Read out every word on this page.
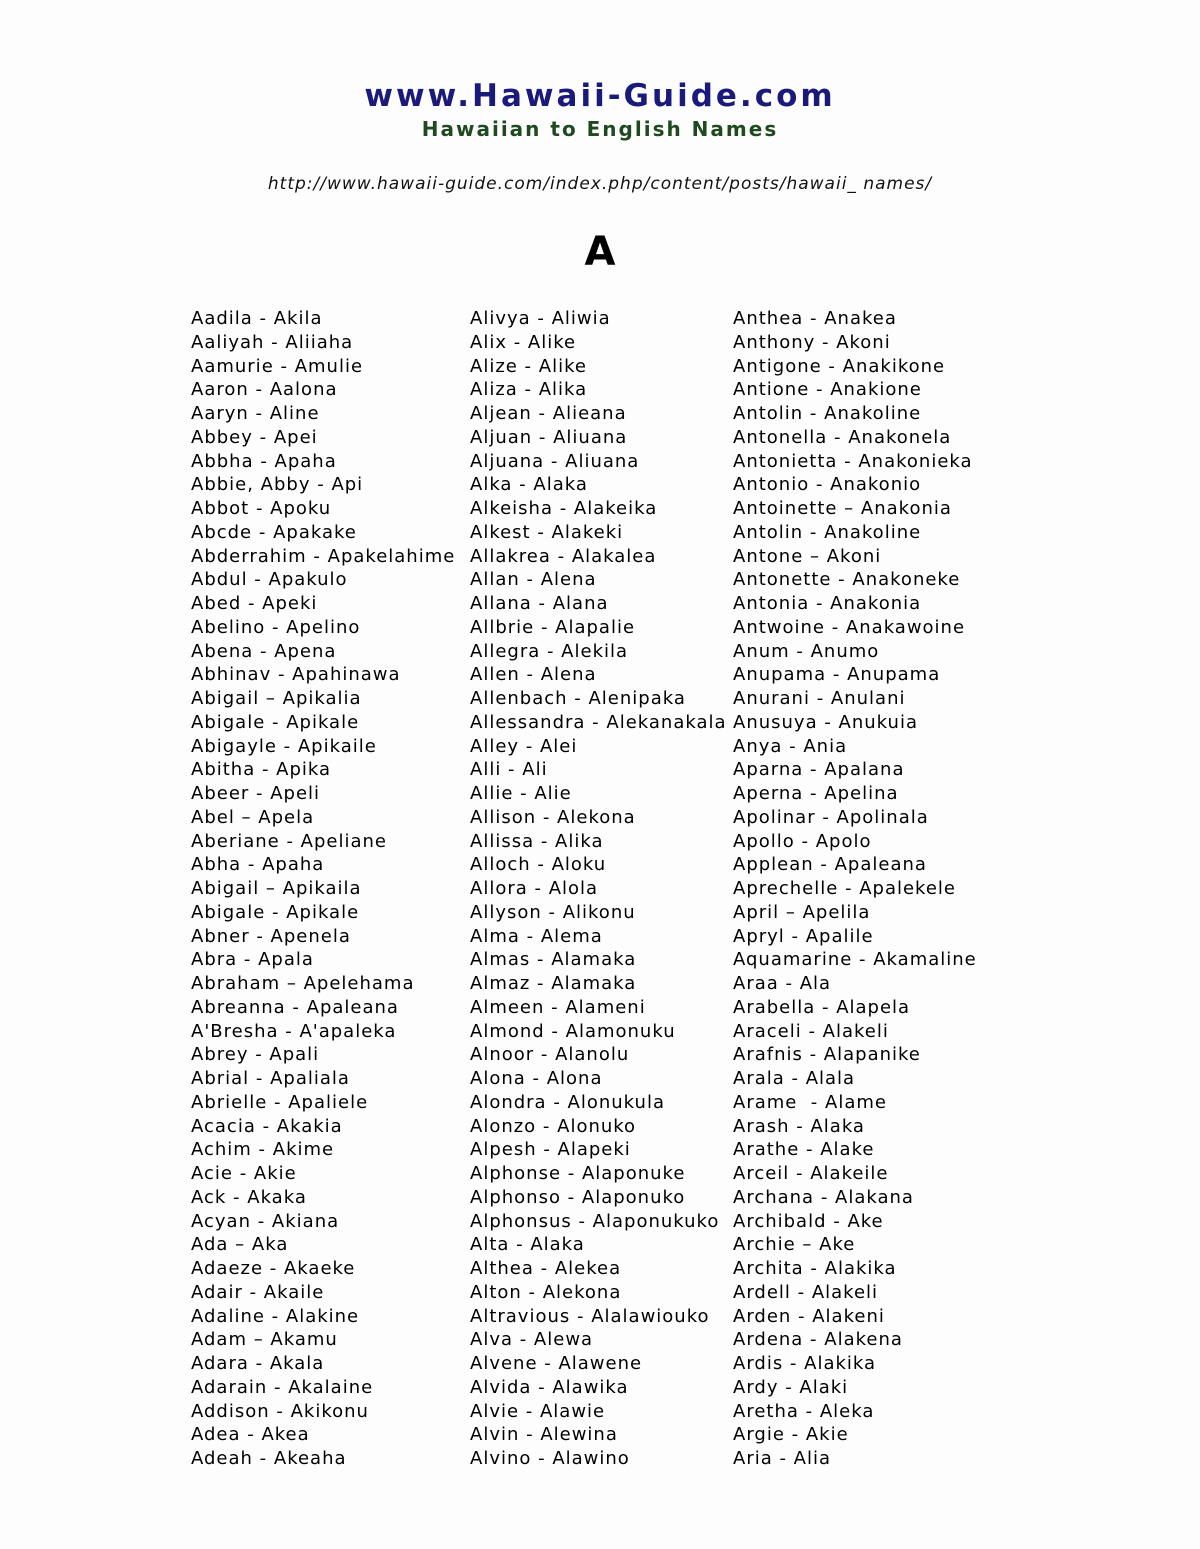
www.Hawaii-Guide.com
Hawaiian to English Names
http://www.hawaii-guide.com/index.php/content/posts/hawaii_ names/
A
Aadila - Akila
Aaliyah - Aliiaha
Aamurie - Amulie
Aaron - Aalona
Aaryn - Aline
Abbey - Apei
Abbha - Apaha
Abbie, Abby - Api
Abbot - Apoku
Abcde - Apakake
Abderrahim - Apakelahime
Abdul - Apakulo
Abed - Apeki
Abelino - Apelino
Abena - Apena
Abhinav - Apahinawa
Abigail – Apikalia
Abigale - Apikale
Abigayle - Apikaile
Abitha - Apika
Abeer - Apeli
Abel – Apela
Aberiane - Apeliane
Abha - Apaha
Abigail – Apikaila
Abigale - Apikale
Abner - Apenela
Abra - Apala
Abraham – Apelehama
Abreanna - Apaleana
A'Bresha - A'apaleka
Abrey - Apali
Abrial - Apaliala
Abrielle - Apaliele
Acacia - Akakia
Achim - Akime
Acie - Akie
Ack - Akaka
Acyan - Akiana
Ada – Aka
Adaeze - Akaeke
Adair - Akaile
Adaline - Alakine
Adam – Akamu
Adara - Akala
Adarain - Akalaine
Addison - Akikonu
Adea - Akea
Adeah - Akeaha
Alivya - Aliwia
Alix - Alike
Alize - Alike
Aliza - Alika
Aljean - Alieana
Aljuan - Aliuana
Aljuana - Aliuana
Alka - Alaka
Alkeisha - Alakeika
Alkest - Alakeki
Allakrea - Alakalea
Allan - Alena
Allana - Alana
Allbrie - Alapalie
Allegra - Alekila
Allen - Alena
Allenbach - Alenipaka
Allessandra - Alekanakala
Alley - Alei
Alli - Ali
Allie - Alie
Allison - Alekona
Allissa - Alika
Alloch - Aloku
Allora - Alola
Allyson - Alikonu
Alma - Alema
Almas - Alamaka
Almaz - Alamaka
Almeen - Alameni
Almond - Alamonuku
Alnoor - Alanolu
Alona - Alona
Alondra - Alonukula
Alonzo - Alonuko
Alpesh - Alapeki
Alphonse - Alaponuke
Alphonso - Alaponuko
Alphonsus - Alaponukuko
Alta - Alaka
Althea - Alekea
Alton - Alekona
Altravious - Alalawiouko
Alva - Alewa
Alvene - Alawene
Alvida - Alawika
Alvie - Alawie
Alvin - Alewina
Alvino - Alawino
Anthea - Anakea
Anthony - Akoni
Antigone - Anakikone
Antione - Anakione
Antolin - Anakoline
Antonella - Anakonela
Antonietta - Anakonieka
Antonio - Anakonio
Antoinette – Anakonia
Antolin - Anakoline
Antone – Akoni
Antonette - Anakoneke
Antonia - Anakonia
Antwoine - Anakawoine
Anum - Anumo
Anupama - Anupama
Anurani - Anulani
Anusuya - Anukuia
Anya - Ania
Aparna - Apalana
Aperna - Apelina
Apolinar - Apolinala
Apollo - Apolo
Applean - Apaleana
Aprechelle - Apalekele
April – Apelila
Apryl - Apalile
Aquamarine - Akamaline
Araa - Ala
Arabella - Alapela
Araceli - Alakeli
Arafnis - Alapanike
Arala - Alala
Arame  - Alame
Arash - Alaka
Arathe - Alake
Arceil - Alakeile
Archana - Alakana
Archibald - Ake
Archie – Ake
Archita - Alakika
Ardell - Alakeli
Arden - Alakeni
Ardena - Alakena
Ardis - Alakika
Ardy - Alaki
Aretha - Aleka
Argie - Akie
Aria - Alia
